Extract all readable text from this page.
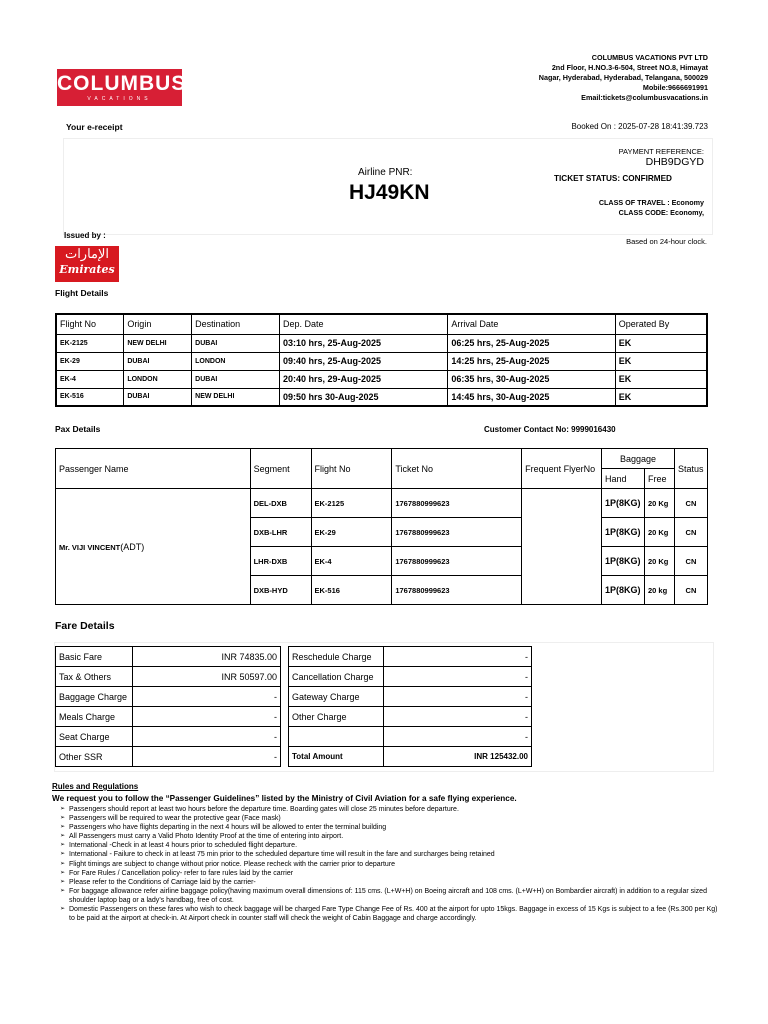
COLUMBUS
VACATIONS
COLUMBUS VACATIONS PVT LTD
2nd Floor, H.NO.3-6-504, Street NO.8, Himayat
Nagar, Hyderabad, Hyderabad, Telangana, 500029
Mobile:9666691991
Email:tickets@columbusvacations.in
Your e-receipt	Booked On : 2025-07-28 18:41:39.723
Airline PNR:
HJ49KN
PAYMENT REFERENCE:
DHB9DGYD
TICKET STATUS: CONFIRMED
CLASS OF TRAVEL : Economy
CLASS CODE: Economy,
Issued by :
Based on 24-hour clock.
ﺍﻹﻣﺎﺭﺍﺕ
Emirates
Flight Details
Flight No	Origin	Destination	Dep. Date	Arrival Date	Operated By
EK-2125	NEW DELHI	DUBAI	03:10 hrs, 25-Aug-2025	06:25 hrs, 25-Aug-2025	EK
EK-29	DUBAI	LONDON	09:40 hrs, 25-Aug-2025	14:25 hrs, 25-Aug-2025	EK
EK-4	LONDON	DUBAI	20:40 hrs, 29-Aug-2025	06:35 hrs, 30-Aug-2025	EK
EK-516	DUBAI	NEW DELHI	09:50 hrs 30-Aug-2025	14:45 hrs, 30-Aug-2025	EK
Pax Details	Customer Contact No: 9999016430
Passenger Name	Segment	Flight No	Ticket No	Frequent FlyerNo	Baggage		Status
					Hand	Free	
Mr. VIJI VINCENT(ADT)	DEL-DXB	EK-2125	1767880999623		1P(8KG)	20 Kg	CN
	DXB-LHR	EK-29	1767880999623		1P(8KG)	20 Kg	CN
	LHR-DXB	EK-4	1767880999623		1P(8KG)	20 Kg	CN
	DXB-HYD	EK-516	1767880999623		1P(8KG)	20 kg	CN
Fare Details
Basic Fare	INR 74835.00
Tax & Others	INR 50597.00
Baggage Charge	-
Meals Charge	-
Seat Charge	-
Other SSR	-
Reschedule Charge	-
Cancellation Charge	-
Gateway Charge	-
Other Charge	-
	-
Total Amount	INR 125432.00
Rules and Regulations
We request you to follow the “Passenger Guidelines” listed by the Ministry of Civil Aviation for a safe flying experience.
➢ Passengers should report at least two hours before the departure time. Boarding gates will close 25 minutes before departure.
➢ Passengers will be required to wear the protective gear (Face mask)
➢ Passengers who have flights departing in the next 4 hours will be allowed to enter the terminal building
➢ All Passengers must carry a Valid Photo Identity Proof at the time of entering into airport.
➢ International -Check in at least 4 hours prior to scheduled flight departure.
➢ International - Failure to check in at least 75 min prior to the scheduled departure time will result in the fare and surcharges being retained
➢ Flight timings are subject to change without prior notice. Please recheck with the carrier prior to departure
➢ For Fare Rules / Cancellation policy- refer to fare rules laid by the carrier
➢ Please refer to the Conditions of Carriage laid by the carrier-
➢ For baggage allowance refer airline baggage policy(having maximum overall dimensions of: 115 cms. (L+W+H) on Boeing aircraft and 108 cms. (L+W+H) on Bombardier aircraft) in addition to a regular sized shoulder laptop bag or a lady’s handbag, free of cost.
➢ Domestic Passengers on these fares who wish to check baggage will be charged Fare Type Change Fee of Rs. 400 at the airport for upto 15kgs. Baggage in excess of 15 Kgs is subject to a fee (Rs.300 per Kg) to be paid at the airport at check-in. At Airport check in counter staff will check the weight of Cabin Baggage and charge accordingly.
